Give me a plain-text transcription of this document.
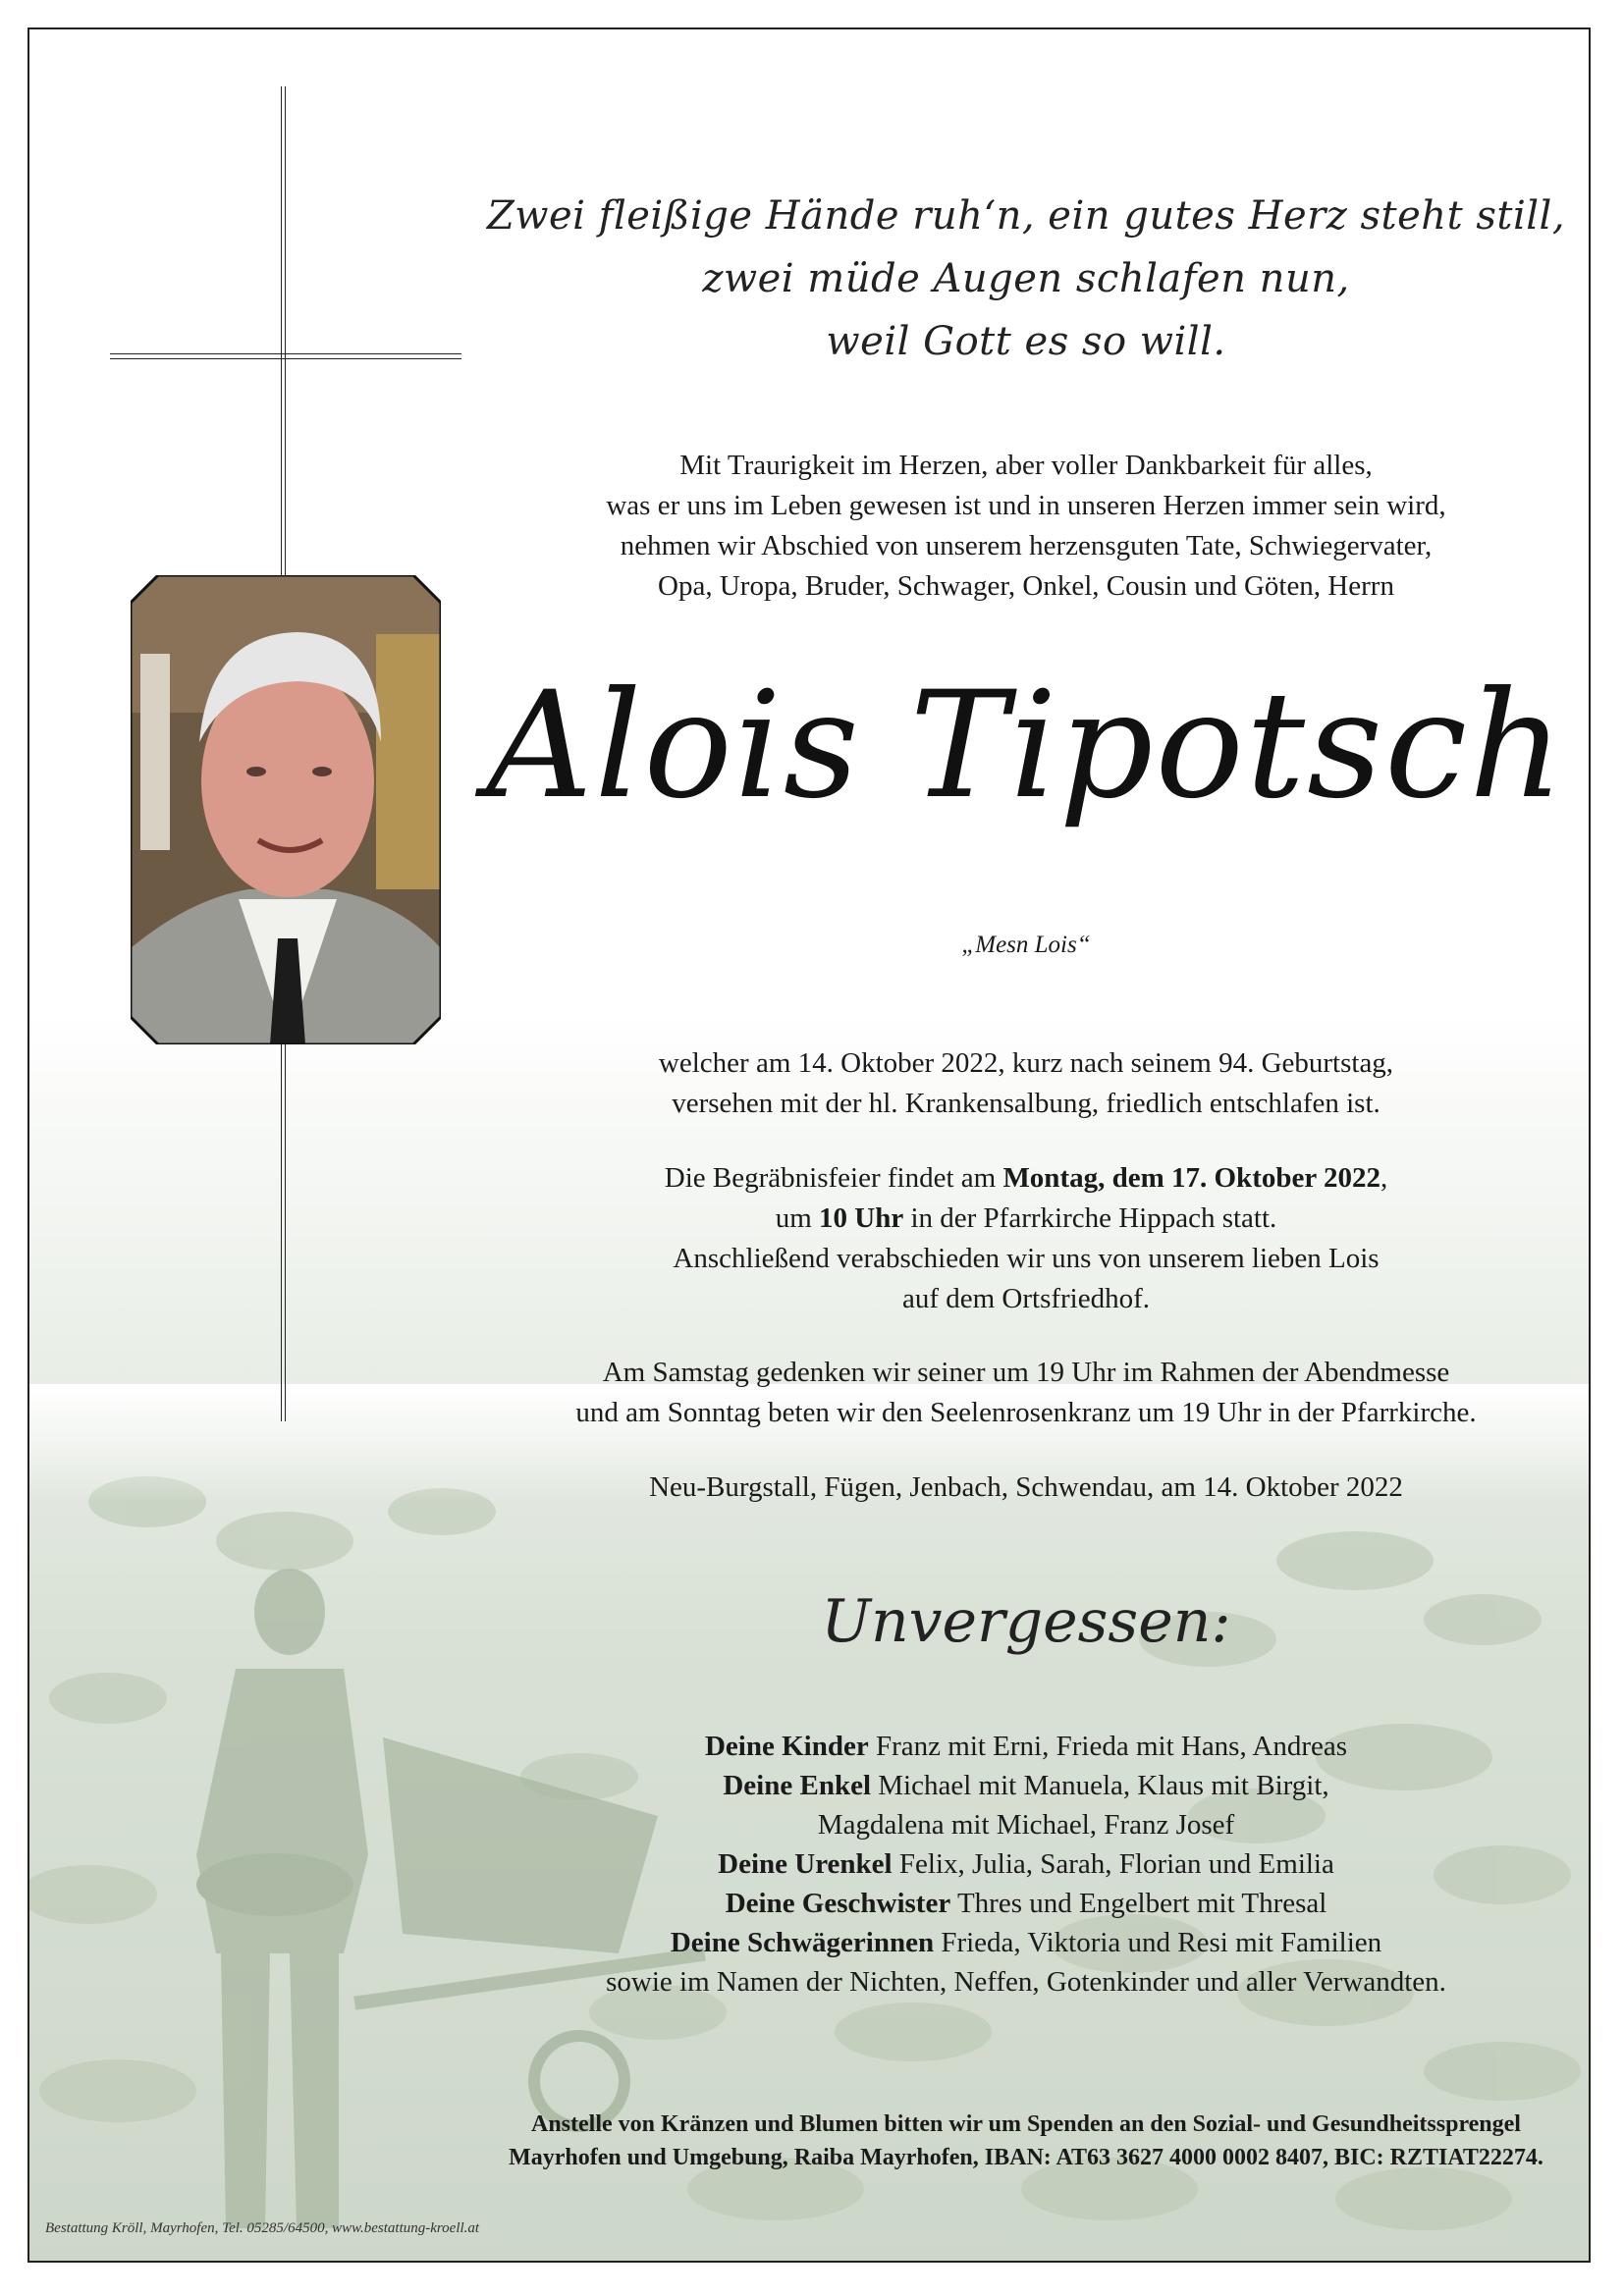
Zwei fleißige Hände ruh‘n, ein gutes Herz steht still,
zwei müde Augen schlafen nun,
weil Gott es so will.
Mit Traurigkeit im Herzen, aber voller Dankbarkeit für alles,
was er uns im Leben gewesen ist und in unseren Herzen immer sein wird,
nehmen wir Abschied von unserem herzensguten Tate, Schwiegervater,
Opa, Uropa, Bruder, Schwager, Onkel, Cousin und Göten, Herrn
Alois Tipotsch
„Mesn Lois“
welcher am 14. Oktober 2022, kurz nach seinem 94. Geburtstag,
versehen mit der hl. Krankensalbung, friedlich entschlafen ist.
Die Begräbnisfeier findet am Montag, dem 17. Oktober 2022,
um 10 Uhr in der Pfarrkirche Hippach statt.
Anschließend verabschieden wir uns von unserem lieben Lois
auf dem Ortsfriedhof.
Am Samstag gedenken wir seiner um 19 Uhr im Rahmen der Abendmesse
und am Sonntag beten wir den Seelenrosenkranz um 19 Uhr in der Pfarrkirche.
Neu-Burgstall, Fügen, Jenbach, Schwendau, am 14. Oktober 2022
Unvergessen:
Deine Kinder Franz mit Erni, Frieda mit Hans, Andreas
Deine Enkel Michael mit Manuela, Klaus mit Birgit,
Magdalena mit Michael, Franz Josef
Deine Urenkel Felix, Julia, Sarah, Florian und Emilia
Deine Geschwister Thres und Engelbert mit Thresal
Deine Schwägerinnen Frieda, Viktoria und Resi mit Familien
sowie im Namen der Nichten, Neffen, Gotenkinder und aller Verwandten.
Anstelle von Kränzen und Blumen bitten wir um Spenden an den Sozial- und Gesundheitssprengel
Mayrhofen und Umgebung, Raiba Mayrhofen, IBAN: AT63 3627 4000 0002 8407, BIC: RZTIAT22274.
Bestattung Kröll, Mayrhofen, Tel. 05285/64500, www.bestattung-kroell.at
